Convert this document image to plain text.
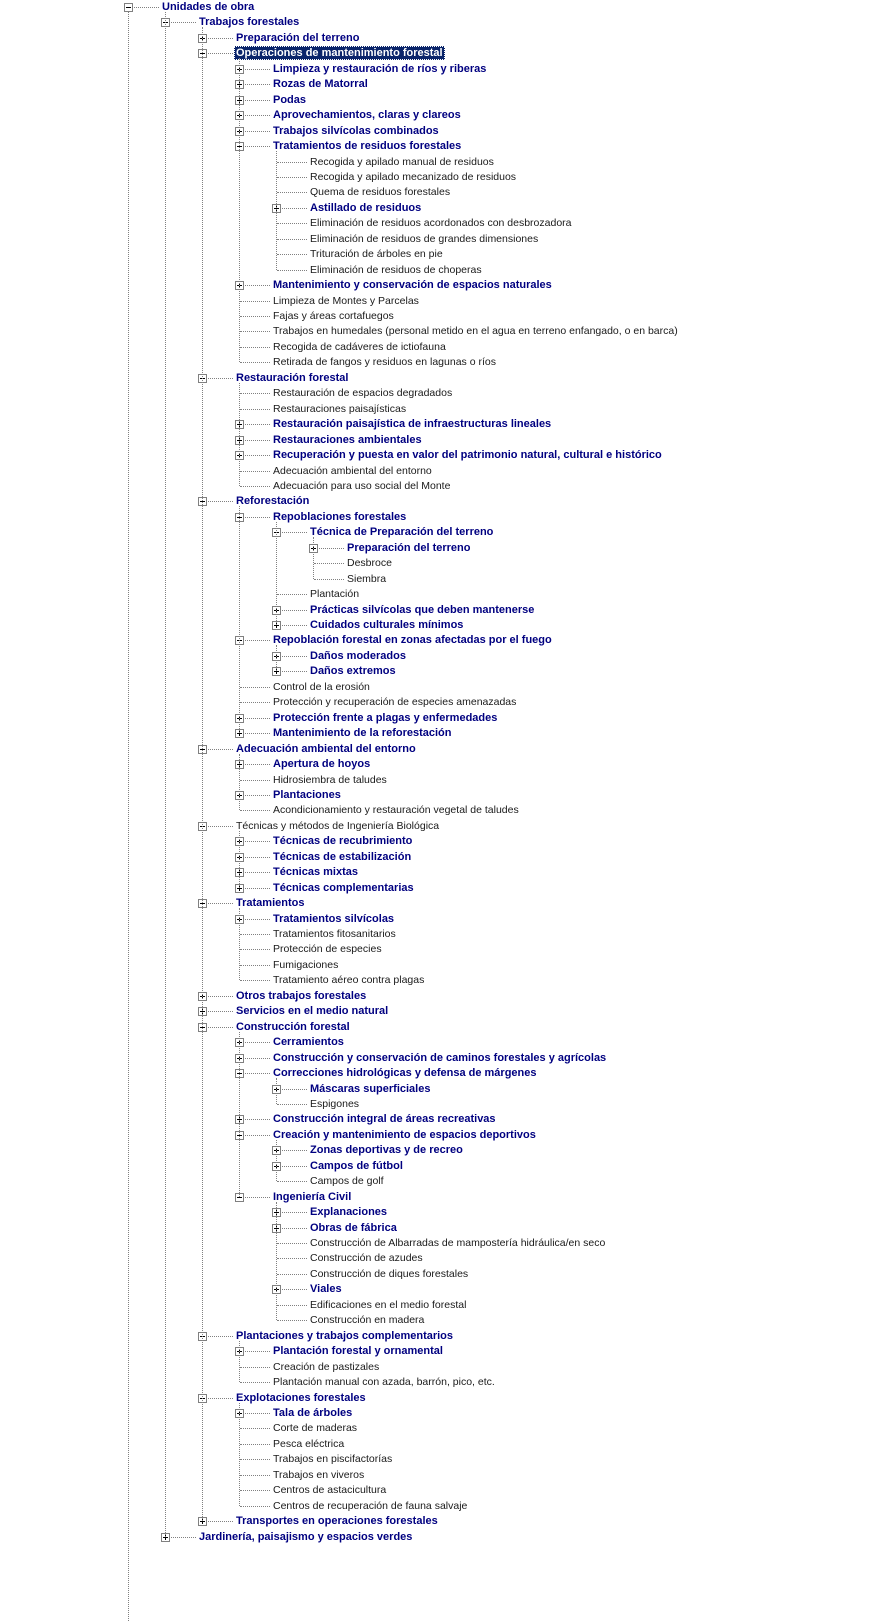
Unidades de obra
Trabajos forestales
Preparación del terreno
Operaciones de mantenimiento forestal
Limpieza y restauración de ríos y riberas
Rozas de Matorral
Podas
Aprovechamientos, claras y clareos
Trabajos silvícolas combinados
Tratamientos de residuos forestales
Recogida y apilado manual de residuos
Recogida y apilado mecanizado de residuos
Quema de residuos forestales
Astillado de residuos
Eliminación de residuos acordonados con desbrozadora
Eliminación de residuos de grandes dimensiones
Trituración de árboles en pie
Eliminación de residuos de choperas
Mantenimiento y conservación de espacios naturales
Limpieza de Montes y Parcelas
Fajas y áreas cortafuegos
Trabajos en humedales (personal metido en el agua en terreno enfangado, o en barca)
Recogida de cadáveres de ictiofauna
Retirada de fangos y residuos en lagunas o ríos
Restauración forestal
Restauración de espacios degradados
Restauraciones paisajísticas
Restauración paisajística de infraestructuras lineales
Restauraciones ambientales
Recuperación y puesta en valor del patrimonio natural, cultural e histórico
Adecuación ambiental del entorno
Adecuación para uso social del Monte
Reforestación
Repoblaciones forestales
Técnica de Preparación del terreno
Preparación del terreno
Desbroce
Siembra
Plantación
Prácticas silvícolas que deben mantenerse
Cuidados culturales mínimos
Repoblación forestal en zonas afectadas por el fuego
Daños moderados
Daños extremos
Control de la erosión
Protección y recuperación de especies amenazadas
Protección frente a plagas y enfermedades
Mantenimiento de la reforestación
Adecuación ambiental del entorno
Apertura de hoyos
Hidrosiembra de taludes
Plantaciones
Acondicionamiento y restauración vegetal de taludes
Técnicas y métodos de Ingeniería Biológica
Técnicas de recubrimiento
Técnicas de estabilización
Técnicas mixtas
Técnicas complementarias
Tratamientos
Tratamientos silvícolas
Tratamientos fitosanitarios
Protección de especies
Fumigaciones
Tratamiento aéreo contra plagas
Otros trabajos forestales
Servicios en el medio natural
Construcción forestal
Cerramientos
Construcción y conservación de caminos forestales y agrícolas
Correcciones hidrológicas y defensa de márgenes
Máscaras superficiales
Espigones
Construcción integral de áreas recreativas
Creación y mantenimiento de espacios deportivos
Zonas deportivas y de recreo
Campos de fútbol
Campos de golf
Ingeniería Civil
Explanaciones
Obras de fábrica
Construcción de Albarradas de mampostería hidráulica/en seco
Construcción de azudes
Construcción de diques forestales
Viales
Edificaciones en el medio forestal
Construcción en madera
Plantaciones y trabajos complementarios
Plantación forestal y ornamental
Creación de pastizales
Plantación manual con azada, barrón, pico, etc.
Explotaciones forestales
Tala de árboles
Corte de maderas
Pesca eléctrica
Trabajos en piscifactorías
Trabajos en viveros
Centros de astacicultura
Centros de recuperación de fauna salvaje
Transportes en operaciones forestales
Jardinería, paisajismo y espacios verdes
